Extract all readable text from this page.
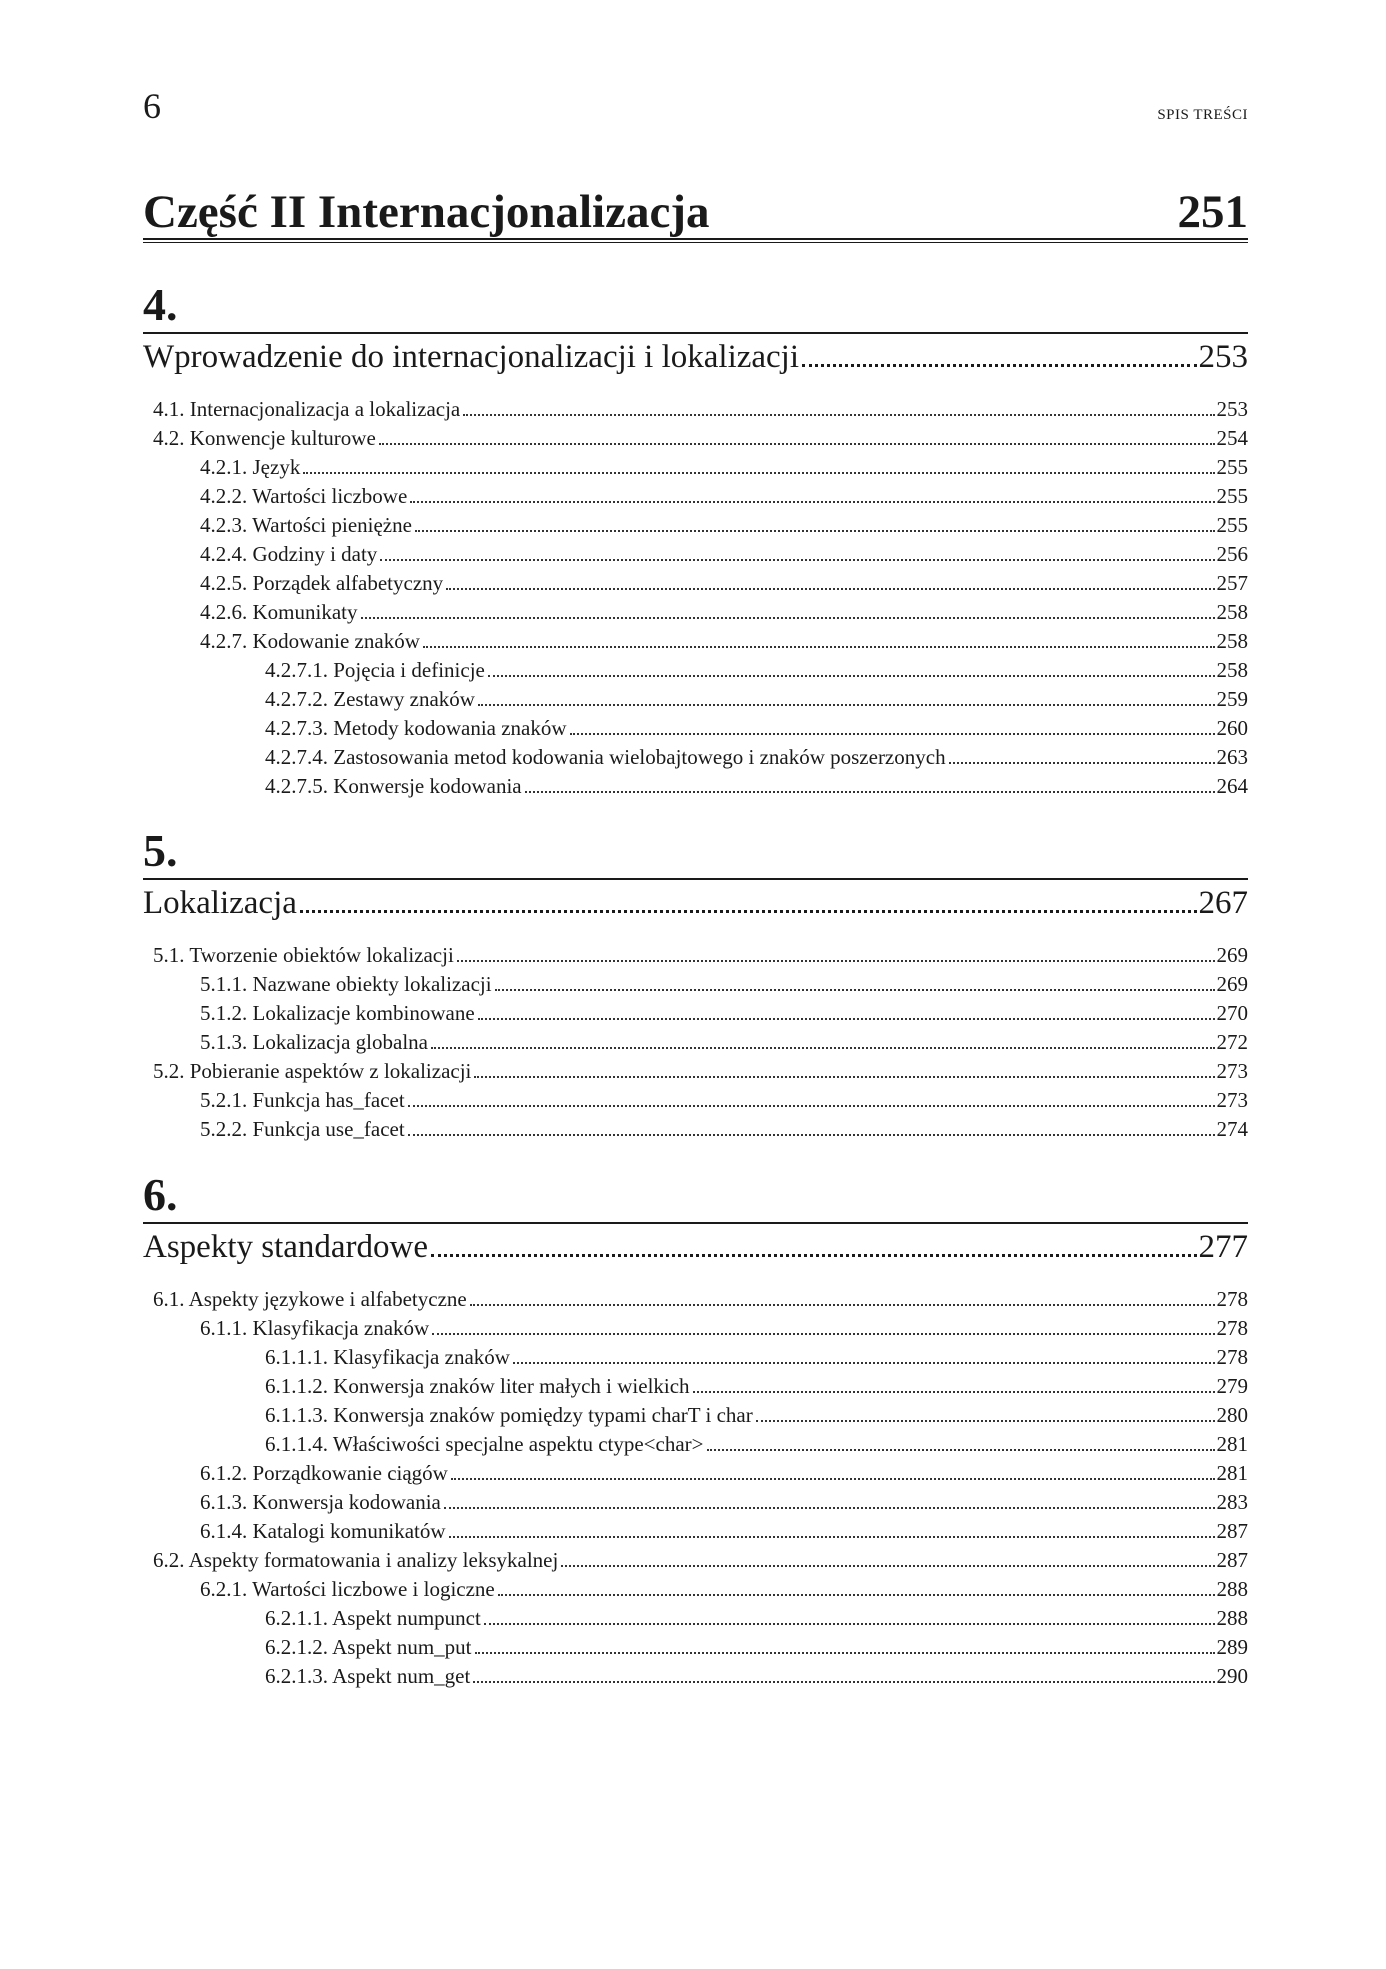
6	SPIS TREŚCI
Część II Internacjonalizacja	251
4.
Wprowadzenie do internacjonalizacji i lokalizacji	253
4.1. Internacjonalizacja a lokalizacja	253
4.2. Konwencje kulturowe	254
4.2.1. Język	255
4.2.2. Wartości liczbowe	255
4.2.3. Wartości pieniężne	255
4.2.4. Godziny i daty	256
4.2.5. Porządek alfabetyczny	257
4.2.6. Komunikaty	258
4.2.7. Kodowanie znaków	258
4.2.7.1. Pojęcia i definicje	258
4.2.7.2. Zestawy znaków	259
4.2.7.3. Metody kodowania znaków	260
4.2.7.4. Zastosowania metod kodowania wielobajtowego i znaków poszerzonych	263
4.2.7.5. Konwersje kodowania	264
5.
Lokalizacja	267
5.1. Tworzenie obiektów lokalizacji	269
5.1.1. Nazwane obiekty lokalizacji	269
5.1.2. Lokalizacje kombinowane	270
5.1.3. Lokalizacja globalna	272
5.2. Pobieranie aspektów z lokalizacji	273
5.2.1. Funkcja has_facet	273
5.2.2. Funkcja use_facet	274
6.
Aspekty standardowe	277
6.1. Aspekty językowe i alfabetyczne	278
6.1.1. Klasyfikacja znaków	278
6.1.1.1. Klasyfikacja znaków	278
6.1.1.2. Konwersja znaków liter małych i wielkich	279
6.1.1.3. Konwersja znaków pomiędzy typami charT i char	280
6.1.1.4. Właściwości specjalne aspektu ctype<char>	281
6.1.2. Porządkowanie ciągów	281
6.1.3. Konwersja kodowania	283
6.1.4. Katalogi komunikatów	287
6.2. Aspekty formatowania i analizy leksykalnej	287
6.2.1. Wartości liczbowe i logiczne	288
6.2.1.1. Aspekt numpunct	288
6.2.1.2. Aspekt num_put	289
6.2.1.3. Aspekt num_get	290
